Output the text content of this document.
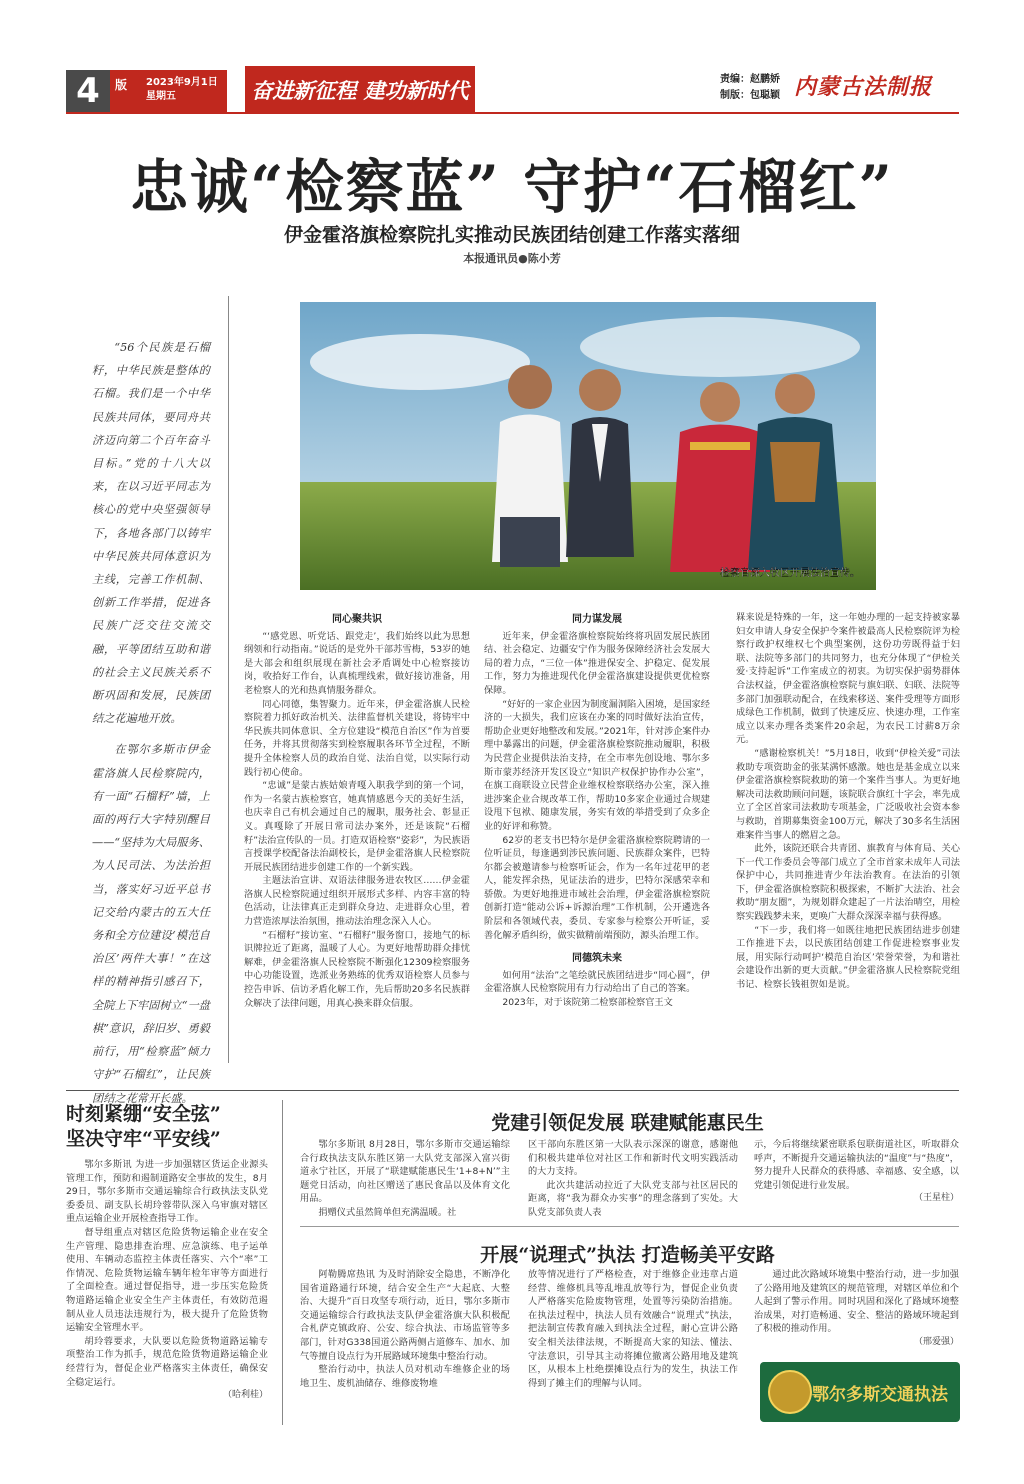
4	版	2023年9月1日
星期五	奋进新征程 建功新时代	责编：赵鹏娇
制版：包聪颖 内蒙古法制报
忠诚“检察蓝” 守护“石榴红”
伊金霍洛旗检察院扎实推动民族团结创建工作落实落细
本报通讯员●陈小芳

“56个民族是石榴籽，中华民族是整体的石榴。我们是一个中华民族共同体，要同舟共济迈向第二个百年奋斗目标。”党的十八大以来，在以习近平同志为核心的党中央坚强领导下，各地各部门以铸牢中华民族共同体意识为主线，完善工作机制、创新工作举措，促进各民族广泛交往交流交融，平等团结互助和谐的社会主义民族关系不断巩固和发展，民族团结之花遍地开放。

在鄂尔多斯市伊金霍洛旗人民检察院内，有一面“石榴籽”墙，上面的两行大字特别醒目——“坚持为大局服务、为人民司法、为法治担当，落实好习近平总书记交给内蒙古的五大任务和全方位建设‘模范自治区’两件大事！”在这样的精神指引感召下，全院上下牢固树立“一盘棋”意识，辞旧岁、勇毅前行，用“检察蓝”倾力守护“石榴红”，让民族团结之花常开长盛。

检察官深入牧区开展法治宣传。
同心聚共识

“‘感党恩、听党话、跟党走’，我们始终以此为思想纲领和行动指南。”说话的是党外干部苏雪梅，53岁的她是大部会和组织展现在新社会矛盾调处中心检察接访岗，收拾好工作台，认真梳理线索，做好接访准备，用老检察人的光和热真情服务群众。

同心同德，集智聚力。近年来，伊金霍洛旗人民检察院着力抓好政治机关、法律监督机关建设，将铸牢中华民族共同体意识、全方位建设“模范自治区”作为首要任务，并将其贯彻落实到检察履职各环节全过程，不断提升全体检察人员的政治自觉、法治自觉，以实际行动践行初心使命。

“忠诚”是蒙古族姑娘青嘎入职我学到的第一个词，作为一名蒙古族检察官，她真情感恩今天的美好生活，也庆幸自己有机会通过自己的履职，服务社会、彰显正义。真嘎除了开展日常司法办案外，还是该院“石榴籽”法治宣传队的一员。打造双语检察“姿彩”，为民族语言授课学校配备法治副校长，是伊金霍洛旗人民检察院开展民族团结进步创建工作的一个新实践。

主题法治宣讲、双语法律服务进农牧区……伊金霍洛旗人民检察院通过组织开展形式多样、内容丰富的特色活动，让法律真正走到群众身边、走进群众心里，着力营造浓厚法治氛围，推动法治理念深入人心。

“石榴籽”接访室、“石榴籽”服务窗口，接地气的标识牌拉近了距离，温暖了人心。为更好地帮助群众排忧解难，伊金霍洛旗人民检察院不断强化12309检察服务中心功能设置，选派业务熟练的优秀双语检察人员参与控告申诉、信访矛盾化解工作，先后帮助20多名民族群众解决了法律问题，用真心换来群众信服。

同力谋发展

近年来，伊金霍洛旗检察院始终将巩固发展民族团结、社会稳定、边疆安宁作为服务保障经济社会发展大局的着力点，“三位一体”推进保安全、护稳定、促发展工作，努力为推进现代化伊金霍洛旗建设提供更优检察保障。

“好好的一家企业因为制度漏洞陷入困境，是国家经济的一大损失，我们应该在办案的同时做好法治宣传，帮助企业更好地整改和发展。”2021年，针对涉企案件办理中暴露出的问题，伊金霍洛旗检察院推动履职，积极为民营企业提供法治支持，在全市率先创设地、鄂尔多斯市蒙苏经济开发区设立“知识产权保护协作办公室”，在旗工商联设立民营企业维权检察联络办公室，深入推进涉案企业合规改革工作，帮助10多家企业通过合规建设甩下包袱、随康发展，务实有效的举措受到了众多企业的好评和称赞。

62岁的老支书巴特尔是伊金霍洛旗检察院聘请的一位听证员，每逢遇到涉民族问题、民族群众案件，巴特尔都会被邀请参与检察听证会，作为一名年过花甲的老人，能发挥余热，见证法治的进步，巴特尔深感荣幸和骄傲。为更好地推进市域社会治理，伊金霍洛旗检察院创新打造“能动公诉+诉源治理”工作机制，公开遴选各阶层和各领域代表，委员、专家参与检察公开听证，妥善化解矛盾纠纷，做实做精前端预防，源头治理工作。

同德筑未来

如何用“法治”之笔绘就民族团结进步“同心圆”，伊金霍洛旗人民检察院用有力行动给出了自己的答案。

2023年，对于该院第二检察部检察官王文

槑来说是特殊的一年，这一年她办理的一起支持被家暴妇女申请人身安全保护令案件被最高人民检察院评为检察行政护权维权七个典型案例，这份功劳既得益于妇联、法院等多部门的共同努力，也充分体现了“伊检关爱·支持起诉”工作室成立的初衷。为切实保护弱势群体合法权益，伊金霍洛旗检察院与旗妇联、妇联、法院等多部门加强联动配合，在线索移送、案件受理等方面形成绿色工作机制，做到了快速反应、快速办理，工作室成立以来办理各类案件20余起，为农民工讨薪8万余元。

“感谢检察机关！”5月18日，收到“伊检关爱”司法救助专项资助金的张某满怀感激。她也是基金成立以来伊金霍洛旗检察院救助的第一个案件当事人。为更好地解决司法救助顾问问题，该院联合旗红十字会，率先成立了全区首家司法救助专项基金，广泛吸收社会资本参与救助，首期募集资金100万元，解决了30多名生活困难案件当事人的燃眉之急。

此外，该院还联合共青团、旗教育与体育局、关心下一代工作委员会等部门成立了全市首家未成年人司法保护中心，共同推进青少年法治教育。在法治的引领下，伊金霍洛旗检察院积极探索，不断扩大法治、社会救助“朋友圈”，为规划群众建起了一片法治晴空，用检察实践践梦未来，更唤广大群众深深幸福与获得感。

“下一步，我们将一如既往地把民族团结进步创建工作推进下去，以民族团结创建工作促进检察事业发展，用实际行动呵护‘模范自治区’荣誉荣誉，为和谐社会建设作出新的更大贡献。”伊金霍洛旗人民检察院党组书记、检察长钱祖贺如是说。

时刻紧绷“安全弦”
坚决守牢“平安线”

鄂尔多斯讯 为进一步加强辖区货运企业源头管理工作，预防和遏制道路安全事故的发生，8月29日，鄂尔多斯市交通运输综合行政执法支队党委委员、副支队长胡玲蓉带队深入乌审旗对辖区重点运输企业开展检查指导工作。

督导组重点对辖区危险货物运输企业在安全生产管理、隐患排查治理、应急演练、电子运单使用、车辆动态监控主体责任落实、六个“率”工作情况、危险货物运输车辆年检年审等方面进行了全面检查。通过督促指导，进一步压实危险货物道路运输企业安全生产主体责任，有效防范遏制从业人员违法违规行为，极大提升了危险货物运输安全管理水平。

胡玲蓉要求，大队要以危险货物道路运输专项整治工作为抓手，规范危险货物道路运输企业经营行为，督促企业严格落实主体责任，确保安全稳定运行。

（哈利桂）
党建引领促发展 联建赋能惠民生

鄂尔多斯讯 8月28日，鄂尔多斯市交通运输综合行政执法支队东胜区第一大队党支部深入富兴街道永宁社区，开展了“联建赋能惠民生‘1+8+N’”主题党日活动，向社区赠送了惠民食品以及体育文化用品。

捐赠仪式虽然简单但充满温暖。社

区干部向东胜区第一大队表示深深的谢意，感谢他们积极共建单位对社区工作和新时代文明实践活动的大力支持。

此次共建活动拉近了大队党支部与社区居民的距离，将“我为群众办实事”的理念落到了实处。大队党支部负责人表

示，今后将继续紧密联系包联街道社区，听取群众呼声，不断提升交通运输执法的“温度”与“热度”，努力提升人民群众的获得感、幸福感、安全感，以党建引领促进行业发展。

（王星柱）
开展“说理式”执法 打造畅美平安路

阿勒腾席热讯 为及时消除安全隐患，不断净化国省道路通行环境，结合安全生产“大起底、大整治、大提升”百日攻坚专项行动，近日，鄂尔多斯市交通运输综合行政执法支队伊金霍洛旗大队积极配合札萨克镇政府、公安、综合执法、市场监管等多部门，针对G338国道公路两侧占道修车、加水、加气等擅自设点行为开展路域环境集中整治行动。

整治行动中，执法人员对机动车维修企业的场地卫生、废机油储存、维修废物堆

放等情况进行了严格检查，对于维修企业违章占道经营、维修机具等乱堆乱放等行为，督促企业负责人严格落实危险废物管理，处置等污染防治措施。在执法过程中，执法人员有效融合“说理式”执法，把法制宣传教育融入到执法全过程，耐心宣讲公路安全相关法律法规，不断提高大家的知法、懂法、守法意识，引导其主动将摊位撤离公路用地及建筑区，从根本上杜绝摆摊设点行为的发生，执法工作得到了摊主们的理解与认同。

通过此次路域环境集中整治行动，进一步加强了公路用地及建筑区的规范管理，对辖区单位和个人起到了警示作用。同时巩固和深化了路域环境整治成果，对打造畅通、安全、整洁的路域环境起到了积极的推动作用。

（邢爱强）
鄂尔多斯交通执法
